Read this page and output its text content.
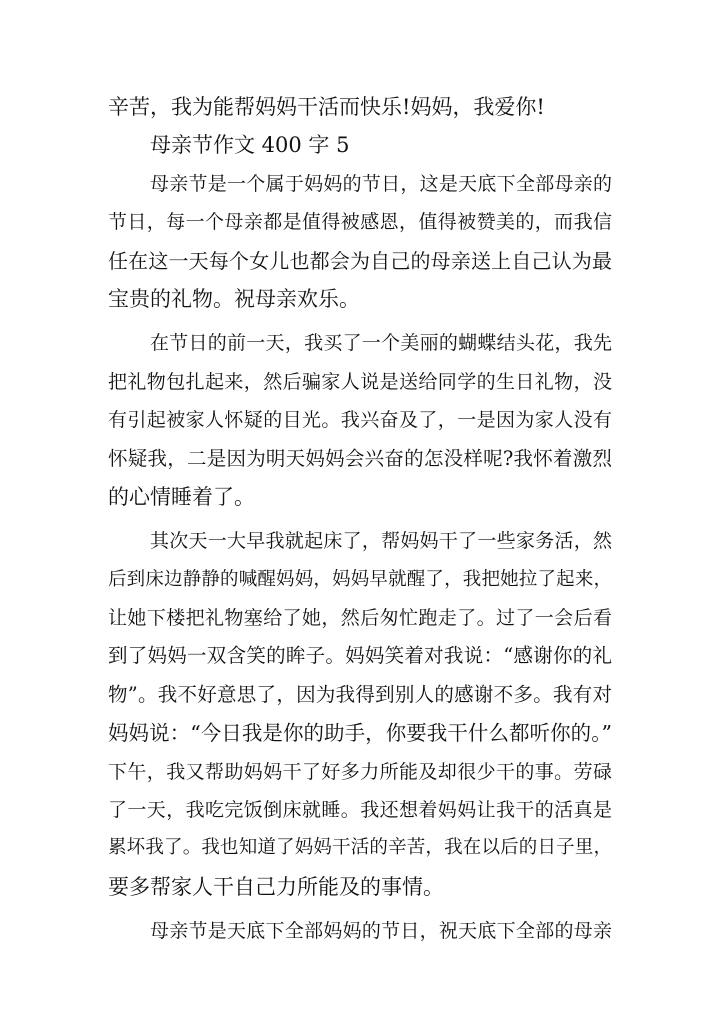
辛苦，我为能帮妈妈干活而快乐!妈妈，我爱你!
母亲节作文 400 字 5
母亲节是一个属于妈妈的节日，这是天底下全部母亲的
节日，每一个母亲都是值得被感恩，值得被赞美的，而我信
任在这一天每个女儿也都会为自己的母亲送上自己认为最
宝贵的礼物。祝母亲欢乐。
在节日的前一天，我买了一个美丽的蝴蝶结头花，我先
把礼物包扎起来，然后骗家人说是送给同学的生日礼物，没
有引起被家人怀疑的目光。我兴奋及了，一是因为家人没有
怀疑我，二是因为明天妈妈会兴奋的怎没样呢?我怀着激烈
的心情睡着了。
其次天一大早我就起床了，帮妈妈干了一些家务活，然
后到床边静静的喊醒妈妈，妈妈早就醒了，我把她拉了起来，
让她下楼把礼物塞给了她，然后匆忙跑走了。过了一会后看
到了妈妈一双含笑的眸子。妈妈笑着对我说：“感谢你的礼
物”。我不好意思了，因为我得到别人的感谢不多。我有对
妈妈说：“今日我是你的助手，你要我干什么都听你的。”
下午，我又帮助妈妈干了好多力所能及却很少干的事。劳碌
了一天，我吃完饭倒床就睡。我还想着妈妈让我干的活真是
累坏我了。我也知道了妈妈干活的辛苦，我在以后的日子里，
要多帮家人干自己力所能及的事情。
母亲节是天底下全部妈妈的节日，祝天底下全部的母亲
